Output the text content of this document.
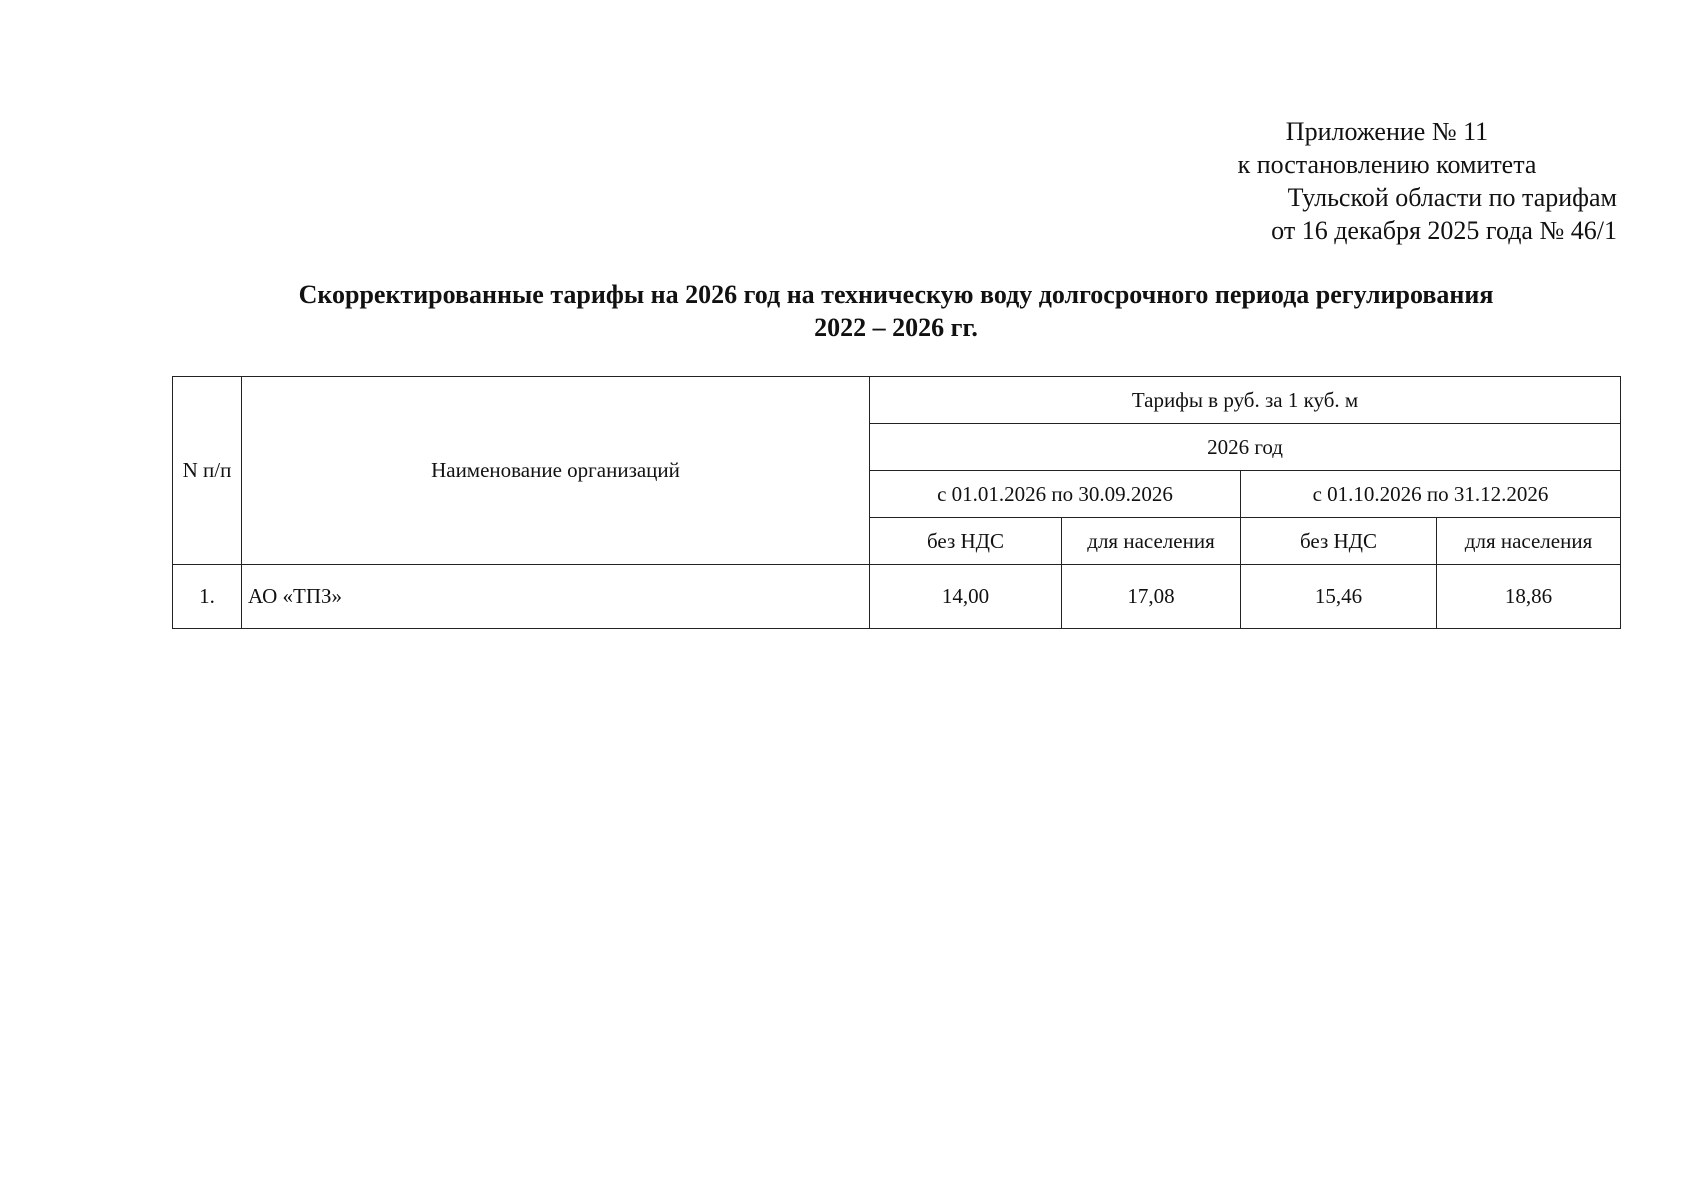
Приложение № 11
к постановлению комитета
Тульской области по тарифам
от 16 декабря 2025 года № 46/1
Скорректированные тарифы на 2026 год на техническую воду долгосрочного периода регулирования
2022 – 2026 гг.
N п/п	Наименование организаций	Тарифы в руб. за 1 куб. м			
		2026 год			
		с 01.01.2026 по 30.09.2026		с 01.10.2026 по 31.12.2026	
		без НДС	для населения	без НДС	для населения
1.	АО «ТПЗ»	14,00	17,08	15,46	18,86
